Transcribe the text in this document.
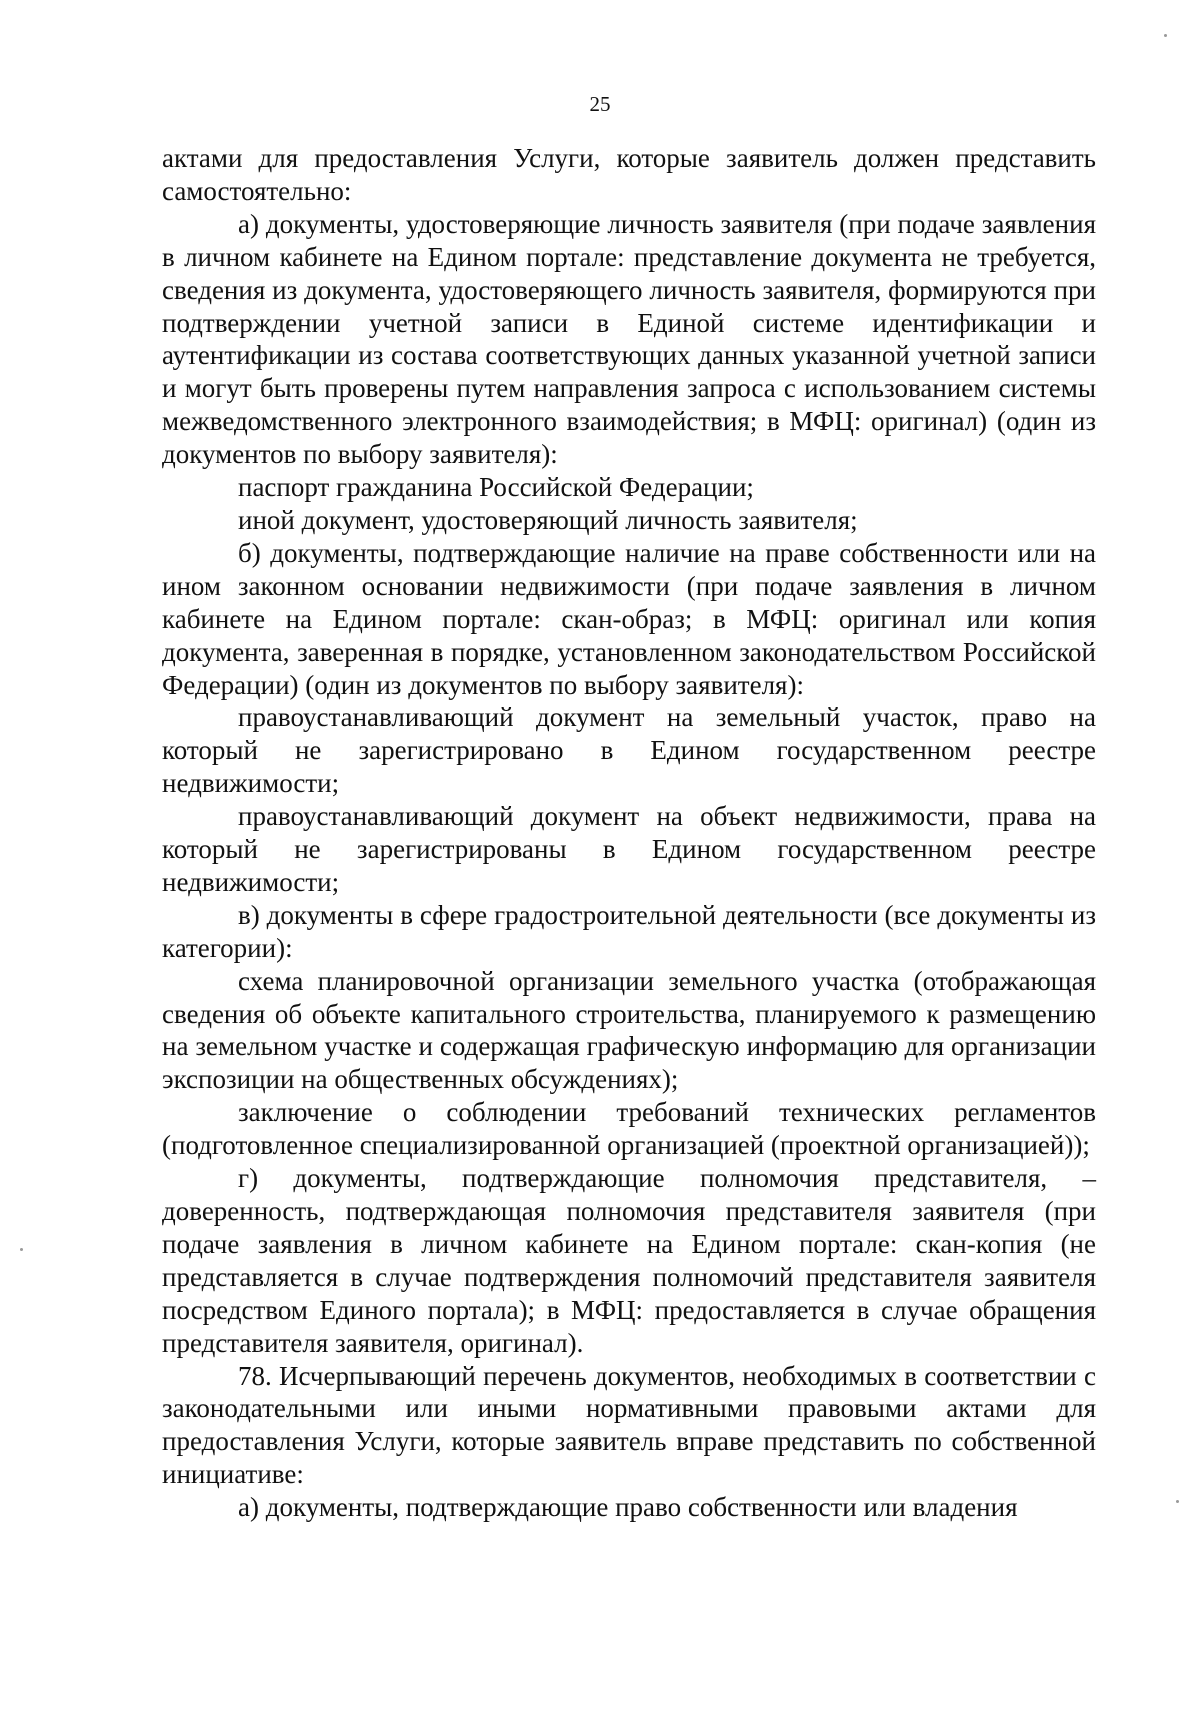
25

актами для предоставления Услуги, которые заявитель должен представить самостоятельно:

а) документы, удостоверяющие личность заявителя (при подаче заявления в личном кабинете на Едином портале: представление документа не требуется, сведения из документа, удостоверяющего личность заявителя, формируются при подтверждении учетной записи в Единой системе идентификации и аутентификации из состава соответствующих данных указанной учетной записи и могут быть проверены путем направления запроса с использованием системы межведомственного электронного взаимодействия; в МФЦ: оригинал) (один из документов по выбору заявителя):

паспорт гражданина Российской Федерации;

иной документ, удостоверяющий личность заявителя;

б) документы, подтверждающие наличие на праве собственности или на ином законном основании недвижимости (при подаче заявления в личном кабинете на Едином портале: скан-образ; в МФЦ: оригинал или копия документа, заверенная в порядке, установленном законодательством Российской Федерации) (один из документов по выбору заявителя):

правоустанавливающий документ на земельный участок, право на который не зарегистрировано в Едином государственном реестре недвижимости;

правоустанавливающий документ на объект недвижимости, права на который не зарегистрированы в Едином государственном реестре недвижимости;

в) документы в сфере градостроительной деятельности (все документы из категории):

схема планировочной организации земельного участка (отображающая сведения об объекте капитального строительства, планируемого к размещению на земельном участке и содержащая графическую информацию для организации экспозиции на общественных обсуждениях);

заключение о соблюдении требований технических регламентов (подготовленное специализированной организацией (проектной организацией));

г) документы, подтверждающие полномочия представителя, – доверенность, подтверждающая полномочия представителя заявителя (при подаче заявления в личном кабинете на Едином портале: скан-копия (не представляется в случае подтверждения полномочий представителя заявителя посредством Единого портала); в МФЦ: предоставляется в случае обращения представителя заявителя, оригинал).

78. Исчерпывающий перечень документов, необходимых в соответствии с законодательными или иными нормативными правовыми актами для предоставления Услуги, которые заявитель вправе представить по собственной инициативе:

а) документы, подтверждающие право собственности или владения
